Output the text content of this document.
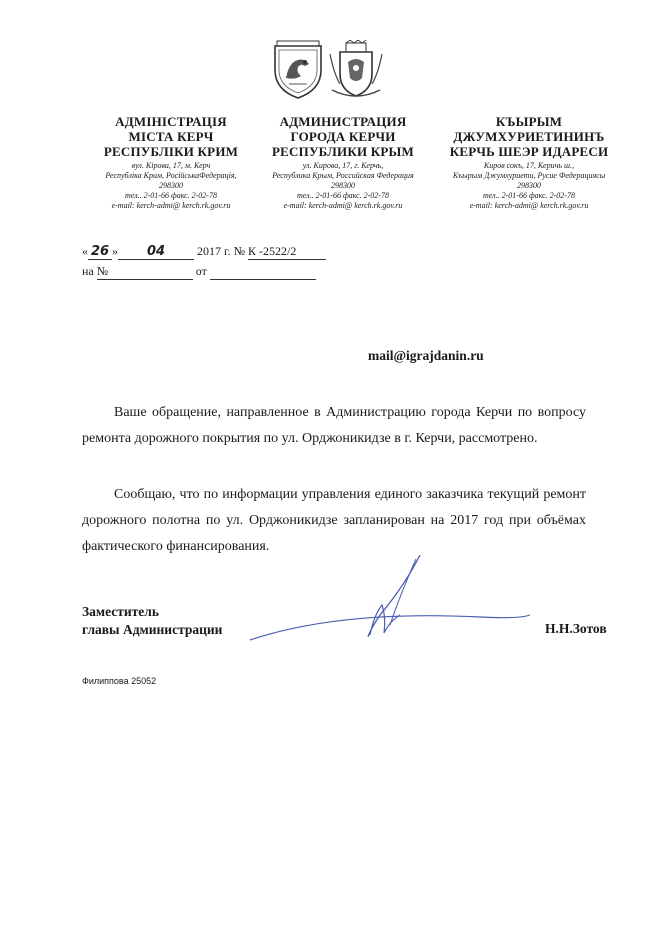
АДМІНІСТРАЦІЯ
МІСТА КЕРЧ
РЕСПУБЛІКИ КРИМ
вул. Кірова, 17, м. Керч
Республіка Крим, РосійськаФедерація,
298300
тел.. 2-01-66 факс. 2-02-78
e-mail: kerch-admi@ kerch.rk.gov.ru
АДМИНИСТРАЦИЯ
ГОРОДА КЕРЧИ
РЕСПУБЛИКИ КРЫМ
ул. Кирова, 17, г. Керчь,
Республика Крым, Российская Федерация
298300
тел.. 2-01-66 факс. 2-02-78
e-mail: kerch-admi@ kerch.rk.gov.ru
КЪЫРЫМ
ДЖУМХУРИЕТИНИНЪ
КЕРЧЬ ШЕЭР ИДАРЕСИ
Киров сокъ, 17, Керичь ш.,
Къырым Джумхуриети, Русие Федерациясы
298300
тел.. 2-01-66 факс. 2-02-78
e-mail: kerch-admi@ kerch.rk.gov.ru
« 26 » 04	2017 г. № К -2522/2
на №	от
mail@igrajdanin.ru
Ваше обращение, направленное в Администрацию города Керчи по вопросу ремонта дорожного покрытия по ул. Орджоникидзе в г. Керчи, рассмотрено.
Сообщаю, что по информации управления единого заказчика текущий ремонт дорожного полотна по ул. Орджоникидзе запланирован на 2017 год при объёмах фактического финансирования.
Заместитель
главы Администрации	Н.Н.Зотов
Филиппова 25052
